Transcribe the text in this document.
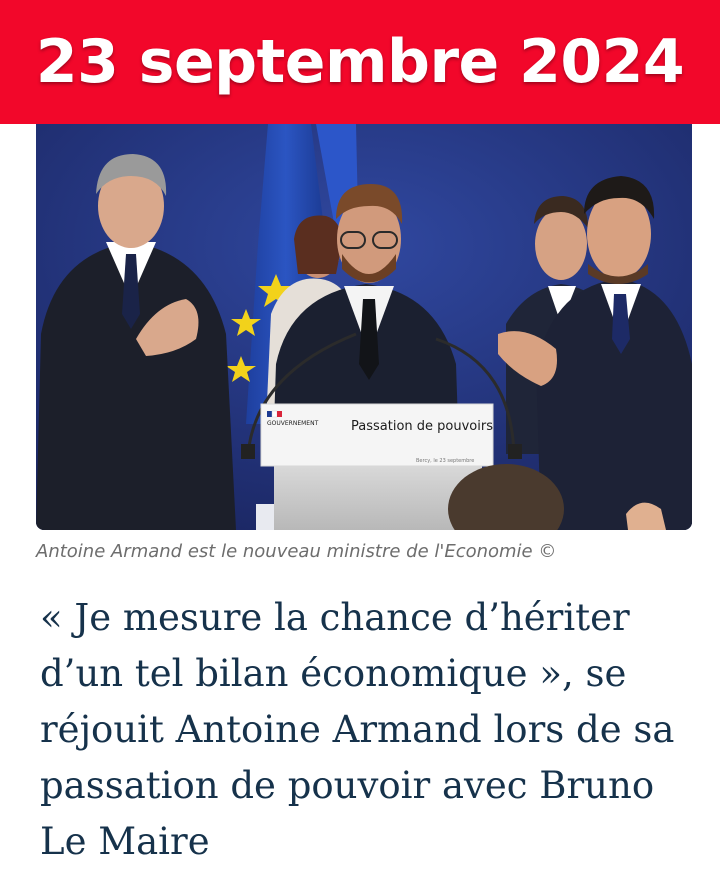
23 septembre 2024
GOUVERNEMENT	Passation de pouvoirs
Bercy, le 23 septembre
Antoine Armand est le nouveau ministre de l'Economie ©
« Je mesure la chance d’hériter d’un tel bilan économique », se réjouit Antoine Armand lors de sa passation de pouvoir avec Bruno Le Maire
